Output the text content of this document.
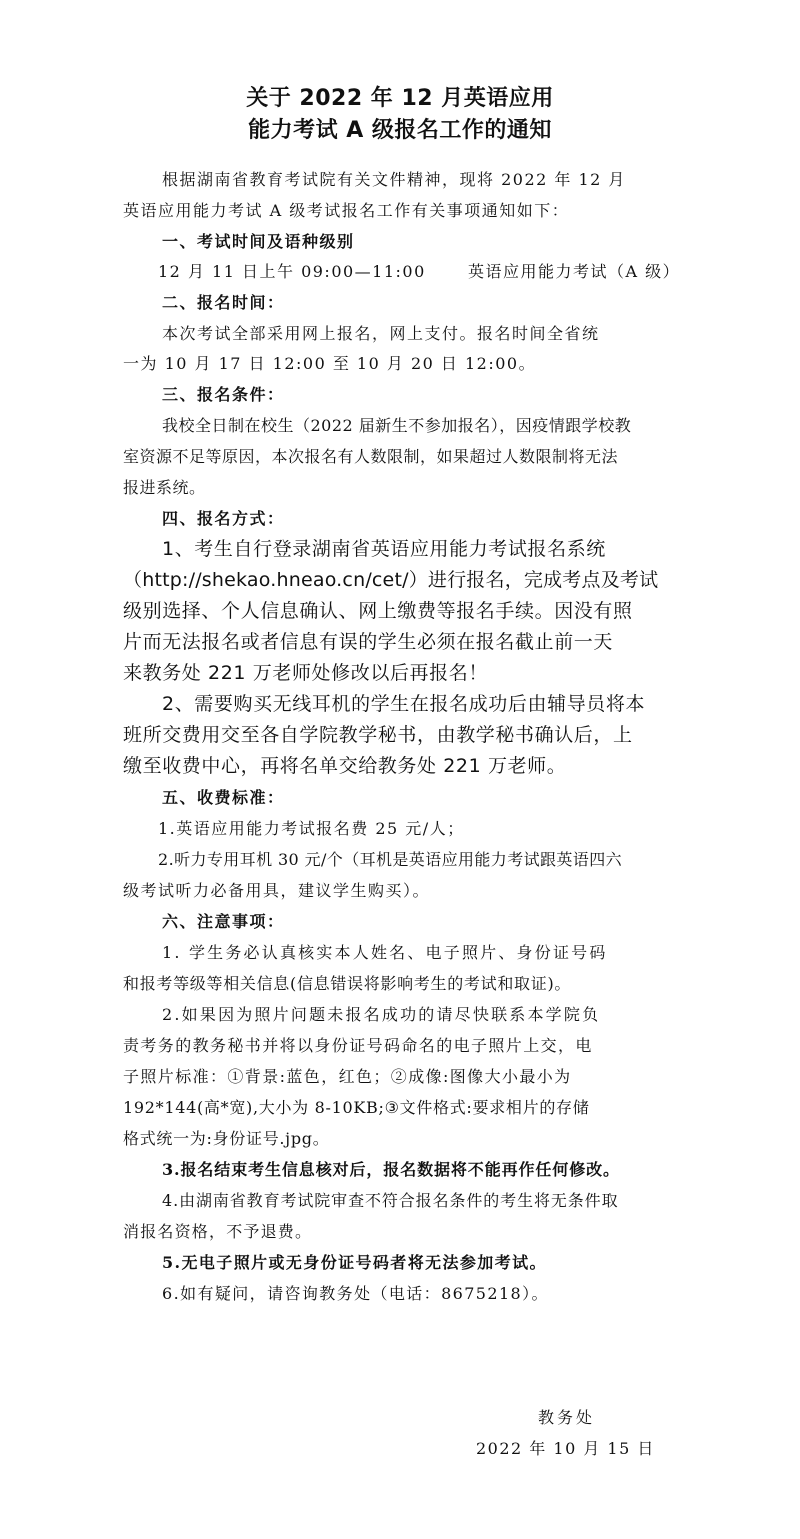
关于 2022 年 12 月英语应用
能力考试 A 级报名工作的通知
根据湖南省教育考试院有关文件精神，现将 2022 年 12 月
英语应用能力考试 A 级考试报名工作有关事项通知如下：
一、考试时间及语种级别
12 月 11 日上午 09:00—11:00	英语应用能力考试（A 级）
二、报名时间：
本次考试全部采用网上报名，网上支付。报名时间全省统
一为 10 月 17 日 12:00 至 10 月 20 日 12:00。
三、报名条件：
我校全日制在校生（2022 届新生不参加报名），因疫情跟学校教
室资源不足等原因，本次报名有人数限制，如果超过人数限制将无法
报进系统。
四、报名方式：
1、考生自行登录湖南省英语应用能力考试报名系统
（http://shekao.hneao.cn/cet/）进行报名，完成考点及考试
级别选择、个人信息确认、网上缴费等报名手续。因没有照
片而无法报名或者信息有误的学生必须在报名截止前一天
来教务处 221 万老师处修改以后再报名！
2、需要购买无线耳机的学生在报名成功后由辅导员将本
班所交费用交至各自学院教学秘书，由教学秘书确认后，上
缴至收费中心，再将名单交给教务处 221 万老师。
五、收费标准：
1.英语应用能力考试报名费 25 元/人；
2.听力专用耳机 30 元/个（耳机是英语应用能力考试跟英语四六
级考试听力必备用具，建议学生购买）。
六、注意事项：
1. 学生务必认真核实本人姓名、电子照片、身份证号码
和报考等级等相关信息(信息错误将影响考生的考试和取证)。
2.如果因为照片问题未报名成功的请尽快联系本学院负
责考务的教务秘书并将以身份证号码命名的电子照片上交，电
子照片标准：①背景:蓝色，红色；②成像:图像大小最小为
192*144(高*宽),大小为 8-10KB;③文件格式:要求相片的存储
格式统一为:身份证号.jpg。
3.报名结束考生信息核对后，报名数据将不能再作任何修改。
4.由湖南省教育考试院审查不符合报名条件的考生将无条件取
消报名资格，不予退费。
5.无电子照片或无身份证号码者将无法参加考试。
6.如有疑问，请咨询教务处（电话：8675218）。
教务处
2022 年 10 月 15 日
